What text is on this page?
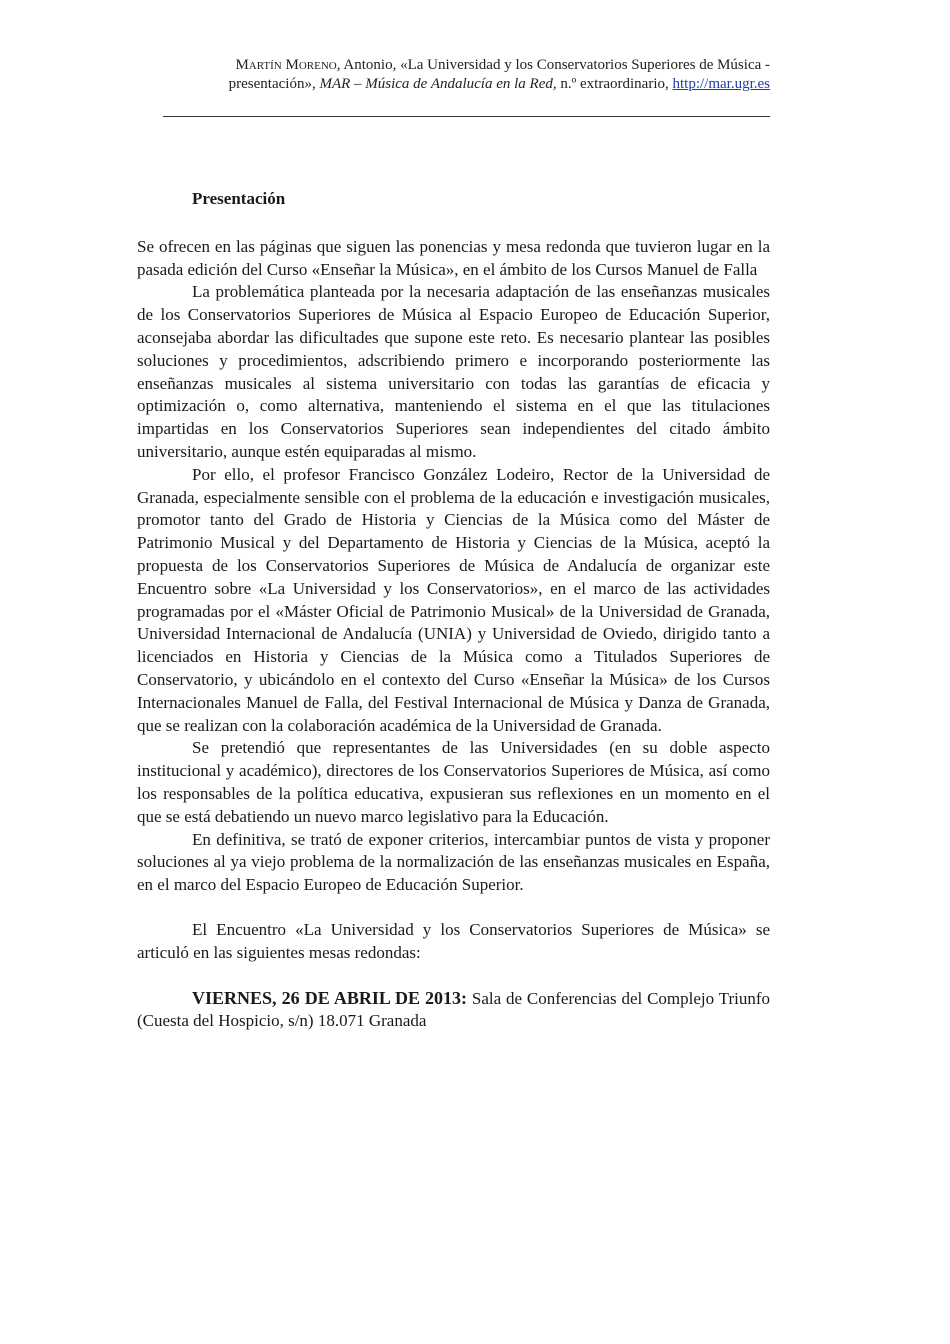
Martín Moreno, Antonio, «La Universidad y los Conservatorios Superiores de Música - presentación», MAR – Música de Andalucía en la Red, n.º extraordinario, http://mar.ugr.es

Presentación

Se ofrecen en las páginas que siguen las ponencias y mesa redonda que tuvieron lugar en la pasada edición del Curso «Enseñar la Música», en el ámbito de los Cursos Manuel de Falla

La problemática planteada por la necesaria adaptación de las enseñanzas musicales de los Conservatorios Superiores de Música al Espacio Europeo de Educación Superior, aconsejaba abordar las dificultades que supone este reto. Es necesario plantear las posibles soluciones y procedimientos, adscribiendo primero e incorporando posteriormente las enseñanzas musicales al sistema universitario con todas las garantías de eficacia y optimización o, como alternativa, manteniendo el sistema en el que las titulaciones impartidas en los Conservatorios Superiores sean independientes del citado ámbito universitario, aunque estén equiparadas al mismo.

Por ello, el profesor Francisco González Lodeiro, Rector de la Universidad de Granada, especialmente sensible con el problema de la educación e investigación musicales, promotor tanto del Grado de Historia y Ciencias de la Música como del Máster de Patrimonio Musical y del Departamento de Historia y Ciencias de la Música, aceptó la propuesta de los Conservatorios Superiores de Música de Andalucía de organizar este Encuentro sobre «La Universidad y los Conservatorios», en el marco de las actividades programadas por el «Máster Oficial de Patrimonio Musical» de la Universidad de Granada, Universidad Internacional de Andalucía (UNIA) y Universidad de Oviedo, dirigido tanto a licenciados en Historia y Ciencias de la Música como a Titulados Superiores de Conservatorio, y ubicándolo en el contexto del Curso «Enseñar la Música» de los Cursos Internacionales Manuel de Falla, del Festival Internacional de Música y Danza de Granada, que se realizan con la colaboración académica de la Universidad de Granada.

Se pretendió que representantes de las Universidades (en su doble aspecto institucional y académico), directores de los Conservatorios Superiores de Música, así como los responsables de la política educativa, expusieran sus reflexiones en un momento en el que se está debatiendo un nuevo marco legislativo para la Educación.

En definitiva, se trató de exponer criterios, intercambiar puntos de vista y proponer soluciones al ya viejo problema de la normalización de las enseñanzas musicales en España, en el marco del Espacio Europeo de Educación Superior.

El Encuentro «La Universidad y los Conservatorios Superiores de Música» se articuló en las siguientes mesas redondas:

VIERNES, 26 DE ABRIL DE 2013: Sala de Conferencias del Complejo Triunfo (Cuesta del Hospicio, s/n) 18.071 Granada
